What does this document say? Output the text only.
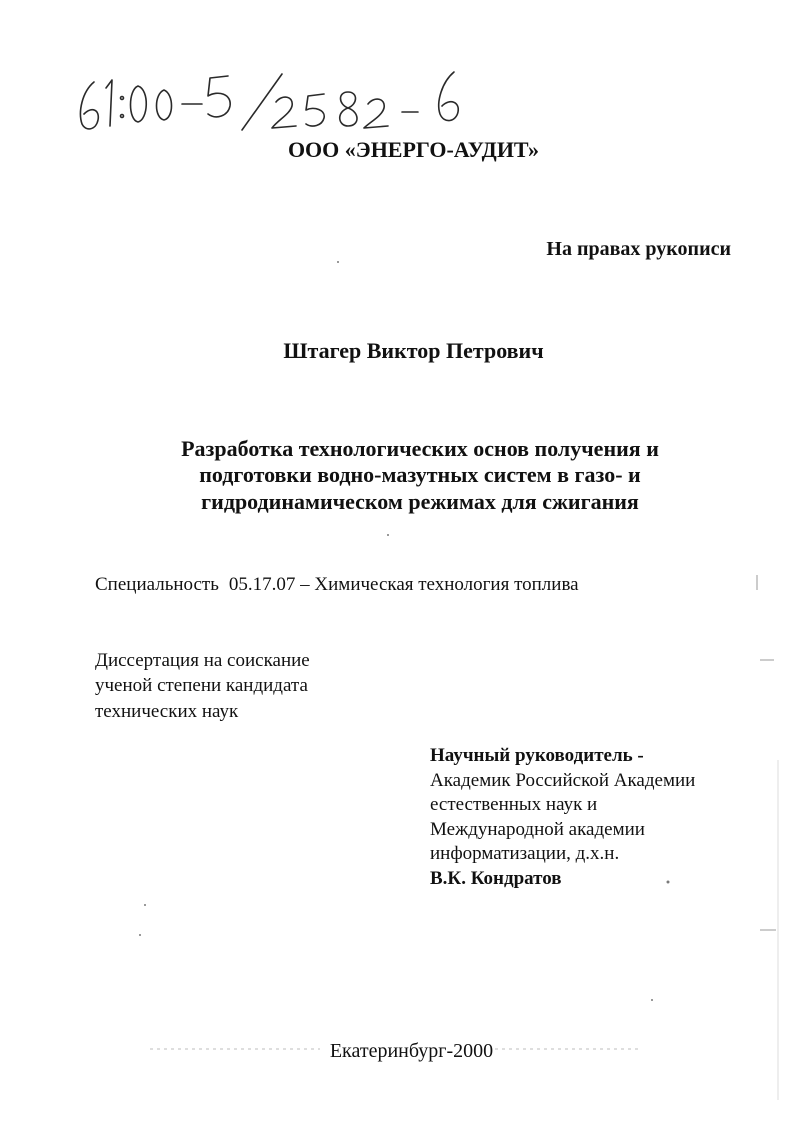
ООО «ЭНЕРГО-АУДИТ»

На правах рукописи

Штагер Виктор Петрович

Разработка технологических основ получения и
подготовки водно-мазутных систем в газо- и
гидродинамическом режимах для сжигания

Специальность 05.17.07 – Химическая технология топлива

Диссертация на соискание
ученой степени кандидата
технических наук

Научный руководитель -
Академик Российской Академии
естественных наук и
Международной академии
информатизации, д.х.н.
В.К. Кондратов

Екатеринбург-2000
